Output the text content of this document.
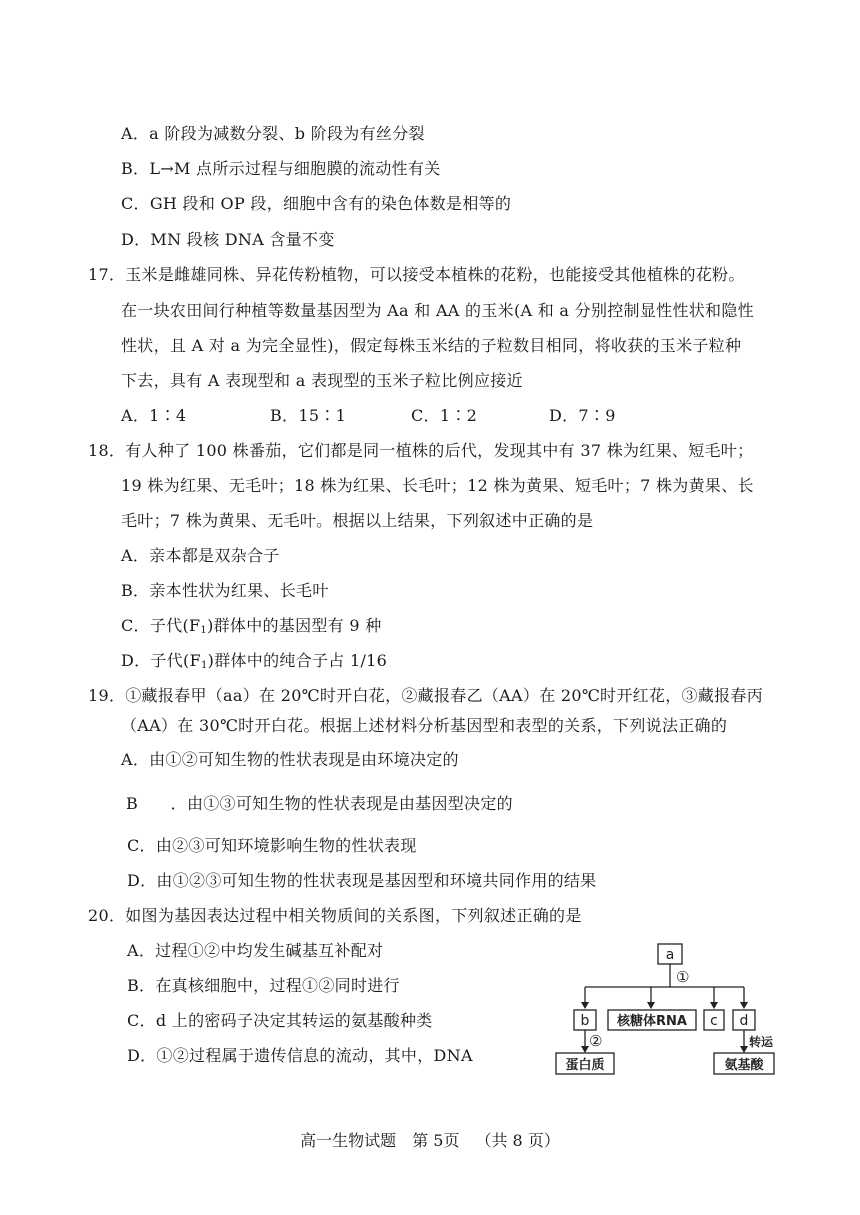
A．a 阶段为减数分裂、b 阶段为有丝分裂
B．L→M 点所示过程与细胞膜的流动性有关
C．GH 段和 OP 段，细胞中含有的染色体数是相等的
D．MN 段核 DNA 含量不变
17．玉米是雌雄同株、异花传粉植物，可以接受本植株的花粉，也能接受其他植株的花粉。
在一块农田间行种植等数量基因型为 Aa 和 AA 的玉米(A 和 a 分别控制显性性状和隐性
性状，且 A 对 a 为完全显性)，假定每株玉米结的子粒数目相同，将收获的玉米子粒种
下去，具有 A 表现型和 a 表现型的玉米子粒比例应接近
A．1∶4	B．15∶1	C．1∶2	D．7∶9
18．有人种了 100 株番茄，它们都是同一植株的后代，发现其中有 37 株为红果、短毛叶；
19 株为红果、无毛叶；18 株为红果、长毛叶；12 株为黄果、短毛叶；7 株为黄果、长
毛叶；7 株为黄果、无毛叶。根据以上结果，下列叙述中正确的是
A．亲本都是双杂合子
B．亲本性状为红果、长毛叶
C．子代$(F_1)$群体中的基因型有 9 种
D．子代$(F_1)$群体中的纯合子占 1/16
19．①藏报春甲（aa）在 20℃时开白花，②藏报春乙（AA）在 20℃时开红花，③藏报春丙
（AA）在 30℃时开白花。根据上述材料分析基因型和表型的关系，下列说法正确的
A．由①②可知生物的性状表现是由环境决定的
B　　．由①③可知生物的性状表现是由基因型决定的
C．由②③可知环境影响生物的性状表现
D．由①②③可知生物的性状表现是基因型和环境共同作用的结果
20．如图为基因表达过程中相关物质间的关系图，下列叙述正确的是
A．过程①②中均发生碱基互补配对
B．在真核细胞中，过程①②同时进行
C．d 上的密码子决定其转运的氨基酸种类
D．①②过程属于遗传信息的流动，其中，DNA
a
①
b 核糖体RNA c d
②	转运
蛋白质	氨基酸
高一生物试题 第 5页 （共 8 页）
